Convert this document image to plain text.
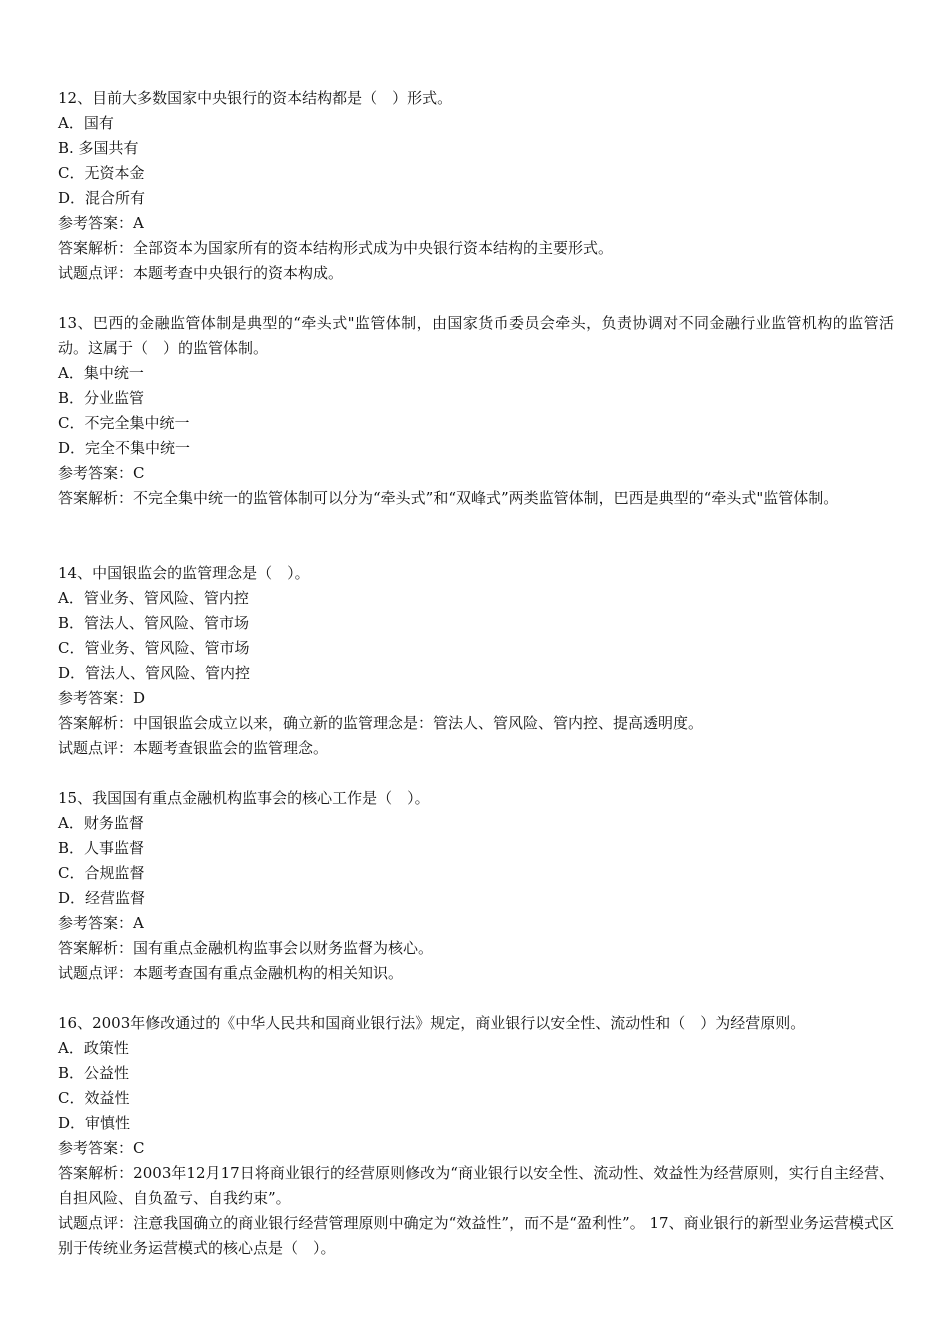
12、目前大多数国家中央银行的资本结构都是（　）形式。
A．国有
B. 多国共有
C．无资本金
D．混合所有
参考答案：A
答案解析：全部资本为国家所有的资本结构形式成为中央银行资本结构的主要形式。
试题点评：本题考查中央银行的资本构成。
13、巴西的金融监管体制是典型的“牵头式"监管体制，由国家货币委员会牵头，负责协调对不同金融行业监管机构的监管活动。这属于（　）的监管体制。
A．集中统一
B．分业监管
C．不完全集中统一
D．完全不集中统一
参考答案：C
答案解析：不完全集中统一的监管体制可以分为“牵头式”和“双峰式”两类监管体制，巴西是典型的“牵头式"监管体制。
14、中国银监会的监管理念是（　）。
A．管业务、管风险、管内控
B．管法人、管风险、管市场
C．管业务、管风险、管市场
D．管法人、管风险、管内控
参考答案：D
答案解析：中国银监会成立以来，确立新的监管理念是：管法人、管风险、管内控、提高透明度。
试题点评：本题考查银监会的监管理念。
15、我国国有重点金融机构监事会的核心工作是（　）。
A．财务监督
B．人事监督
C．合规监督
D．经营监督
参考答案：A
答案解析：国有重点金融机构监事会以财务监督为核心。
试题点评：本题考查国有重点金融机构的相关知识。
16、2003年修改通过的《中华人民共和国商业银行法》规定，商业银行以安全性、流动性和（　）为经营原则。
A．政策性
B．公益性
C．效益性
D．审慎性
参考答案：C
答案解析：2003年12月17日将商业银行的经营原则修改为“商业银行以安全性、流动性、效益性为经营原则，实行自主经营、自担风险、自负盈亏、自我约束”。
试题点评：注意我国确立的商业银行经营管理原则中确定为“效益性”，而不是“盈利性”。 17、商业银行的新型业务运营模式区别于传统业务运营模式的核心点是（　）。
